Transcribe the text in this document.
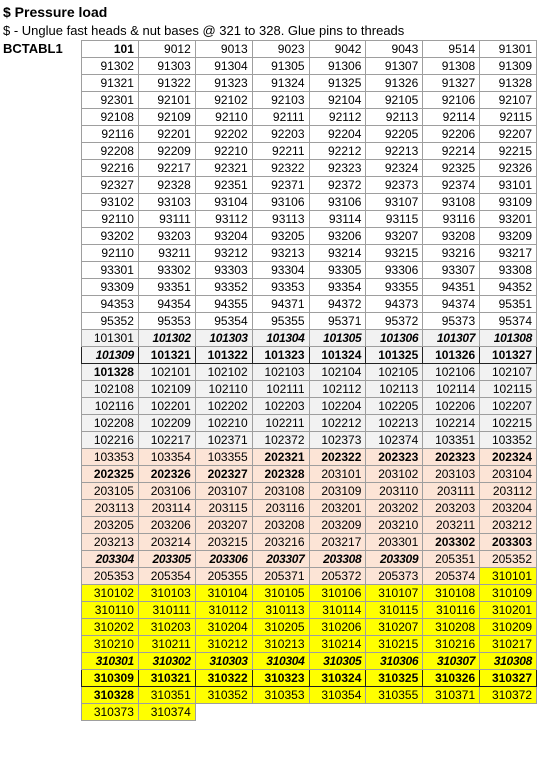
$ Pressure load
$ - Unglue fast heads & nut bases @ 321 to 328. Glue pins to threads
BCTABL1	101	9012	9013	9023	9042	9043	9514	91301
91302	91303	91304	91305	91306	91307	91308	91309
91321	91322	91323	91324	91325	91326	91327	91328
92301	92101	92102	92103	92104	92105	92106	92107
92108	92109	92110	92111	92112	92113	92114	92115
92116	92201	92202	92203	92204	92205	92206	92207
92208	92209	92210	92211	92212	92213	92214	92215
92216	92217	92321	92322	92323	92324	92325	92326
92327	92328	92351	92371	92372	92373	92374	93101
93102	93103	93104	93106	93106	93107	93108	93109
92110	93111	93112	93113	93114	93115	93116	93201
93202	93203	93204	93205	93206	93207	93208	93209
92110	93211	93212	93213	93214	93215	93216	93217
93301	93302	93303	93304	93305	93306	93307	93308
93309	93351	93352	93353	93354	93355	94351	94352
94353	94354	94355	94371	94372	94373	94374	95351
95352	95353	95354	95355	95371	95372	95373	95374
101301	101302	101303	101304	101305	101306	101307	101308
101309	101321	101322	101323	101324	101325	101326	101327
101328	102101	102102	102103	102104	102105	102106	102107
102108	102109	102110	102111	102112	102113	102114	102115
102116	102201	102202	102203	102204	102205	102206	102207
102208	102209	102210	102211	102212	102213	102214	102215
102216	102217	102371	102372	102373	102374	103351	103352
103353	103354	103355	202321	202322	202323	202323	202324
202325	202326	202327	202328	203101	203102	203103	203104
203105	203106	203107	203108	203109	203110	203111	203112
203113	203114	203115	203116	203201	203202	203203	203204
203205	203206	203207	203208	203209	203210	203211	203212
203213	203214	203215	203216	203217	203301	203302	203303
203304	203305	203306	203307	203308	203309	205351	205352
205353	205354	205355	205371	205372	205373	205374	310101
310102	310103	310104	310105	310106	310107	310108	310109
310110	310111	310112	310113	310114	310115	310116	310201
310202	310203	310204	310205	310206	310207	310208	310209
310210	310211	310212	310213	310214	310215	310216	310217
310301	310302	310303	310304	310305	310306	310307	310308
310309	310321	310322	310323	310324	310325	310326	310327
310328	310351	310352	310353	310354	310355	310371	310372
310373	310374						
